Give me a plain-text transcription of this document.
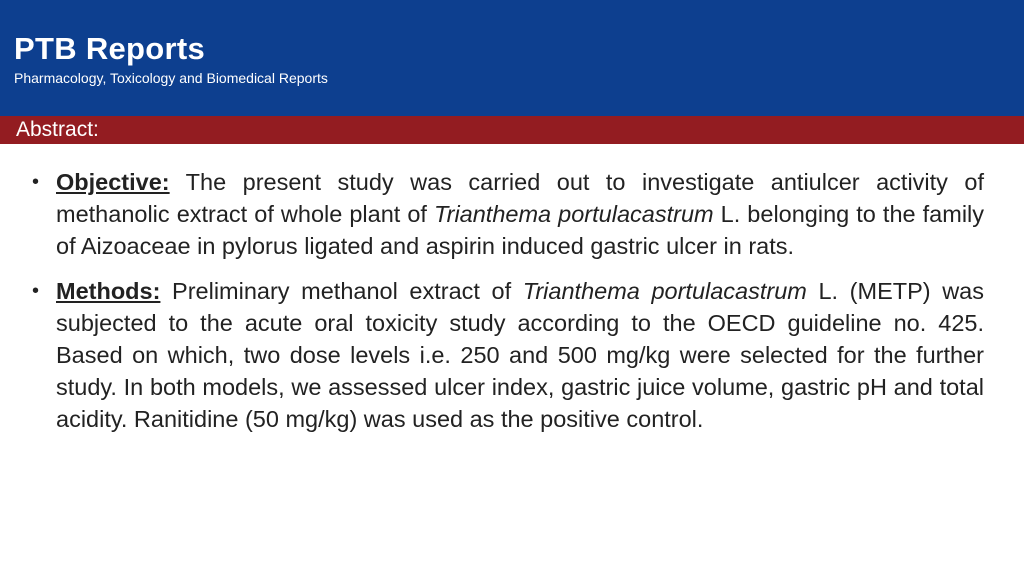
PTB Reports
Pharmacology, Toxicology and Biomedical Reports
Abstract:
• Objective: The present study was carried out to investigate antiulcer activity of methanolic extract of whole plant of Trianthema portulacastrum L. belonging to the family of Aizoaceae in pylorus ligated and aspirin induced gastric ulcer in rats.
• Methods: Preliminary methanol extract of Trianthema portulacastrum L. (METP) was subjected to the acute oral toxicity study according to the OECD guideline no. 425. Based on which, two dose levels i.e. 250 and 500 mg/kg were selected for the further study. In both models, we assessed ulcer index, gastric juice volume, gastric pH and total acidity. Ranitidine (50 mg/kg) was used as the positive control.
